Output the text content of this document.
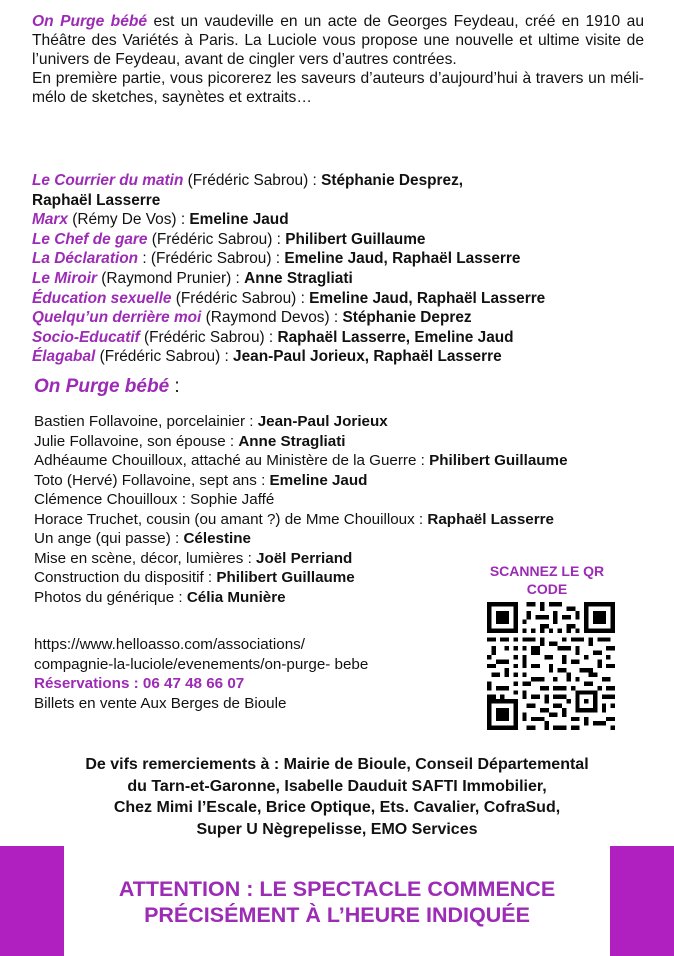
On Purge bébé est un vaudeville en un acte de Georges Feydeau, créé en 1910 au Théâtre des Variétés à Paris. La Luciole vous propose une nouvelle et ultime visite de l’univers de Feydeau, avant de cingler vers d’autres contrées.

En première partie, vous picorerez les saveurs d’auteurs d’aujourd’hui à travers un méli-mélo de sketches, saynètes et extraits…

Le Courrier du matin (Frédéric Sabrou) : Stéphanie Desprez,
Raphaël Lasserre
Marx (Rémy De Vos) : Emeline Jaud
Le Chef de gare (Frédéric Sabrou) : Philibert Guillaume
La Déclaration : (Frédéric Sabrou) : Emeline Jaud, Raphaël Lasserre
Le Miroir (Raymond Prunier) : Anne Stragliati
Éducation sexuelle (Frédéric Sabrou) : Emeline Jaud, Raphaël Lasserre
Quelqu’un derrière moi (Raymond Devos) : Stéphanie Deprez
Socio-Educatif (Frédéric Sabrou) : Raphaël Lasserre, Emeline Jaud
Élagabal (Frédéric Sabrou) : Jean-Paul Jorieux, Raphaël Lasserre
On Purge bébé :
Bastien Follavoine, porcelainier : Jean-Paul Jorieux
Julie Follavoine, son épouse : Anne Stragliati
Adhéaume Chouilloux, attaché au Ministère de la Guerre : Philibert Guillaume
Toto (Hervé) Follavoine, sept ans : Emeline Jaud
Clémence Chouilloux : Sophie Jaffé
Horace Truchet, cousin (ou amant ?) de Mme Chouilloux : Raphaël Lasserre
Un ange (qui passe) : Célestine
Mise en scène, décor, lumières : Joël Perriand
Construction du dispositif : Philibert Guillaume
Photos du générique : Célia Munière
https://www.helloasso.com/associations/
compagnie-la-luciole/evenements/on-purge- bebe
Réservations : 06 47 48 66 07
Billets en vente Aux Berges de Bioule
SCANNEZ LE QR
CODE
De vifs remerciements à : Mairie de Bioule, Conseil Départemental
du Tarn-et-Garonne, Isabelle Dauduit SAFTI Immobilier,
Chez Mimi l’Escale, Brice Optique, Ets. Cavalier, CofraSud,
Super U Nègrepelisse, EMO Services
ATTENTION : LE SPECTACLE COMMENCE
PRÉCISÉMENT À L’HEURE INDIQUÉE
